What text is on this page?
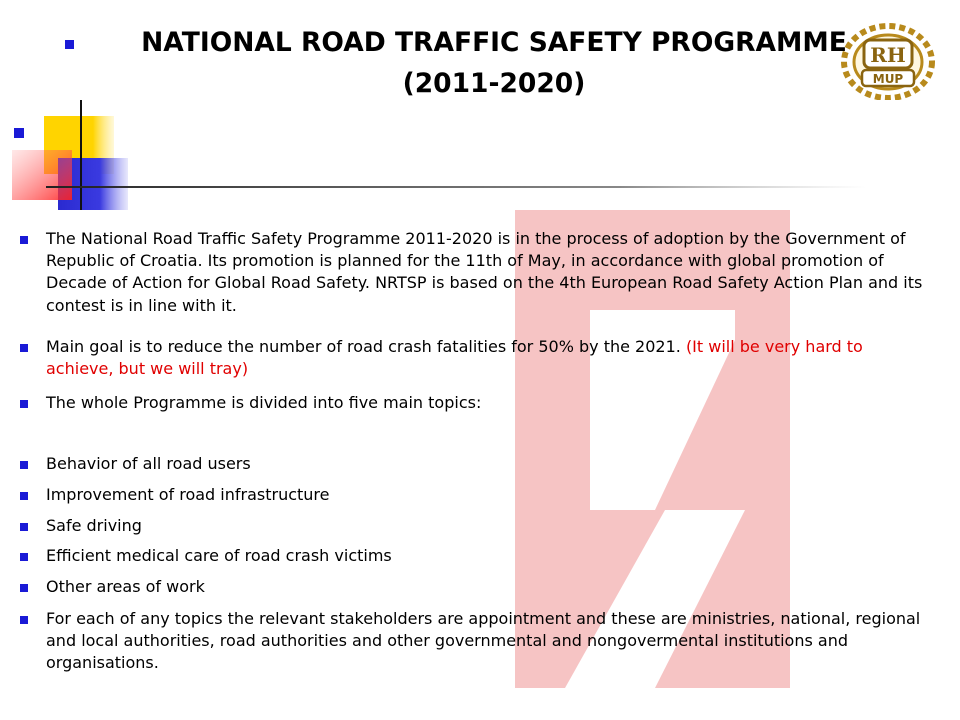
NATIONAL ROAD TRAFFIC SAFETY PROGRAMME
(2011-2020)
RH
MUP
The National Road Traffic Safety Programme 2011-2020 is in the process of adoption by the Government of Republic of Croatia. Its promotion is planned for the 11th of May, in accordance with global promotion of Decade of Action for Global Road Safety. NRTSP is based on the 4th European Road Safety Action Plan and its contest is in line with it.
Main goal is to reduce the number of road crash fatalities for 50% by the 2021. (It will be very hard to achieve, but we will tray)
The whole Programme is divided into five main topics:
Behavior of all road users
Improvement of road infrastructure
Safe driving
Efficient medical care of road crash victims
Other areas of work
For each of any topics the relevant stakeholders are appointment and these are ministries, national, regional and local authorities, road authorities and other governmental and nongovermental institutions and organisations.
